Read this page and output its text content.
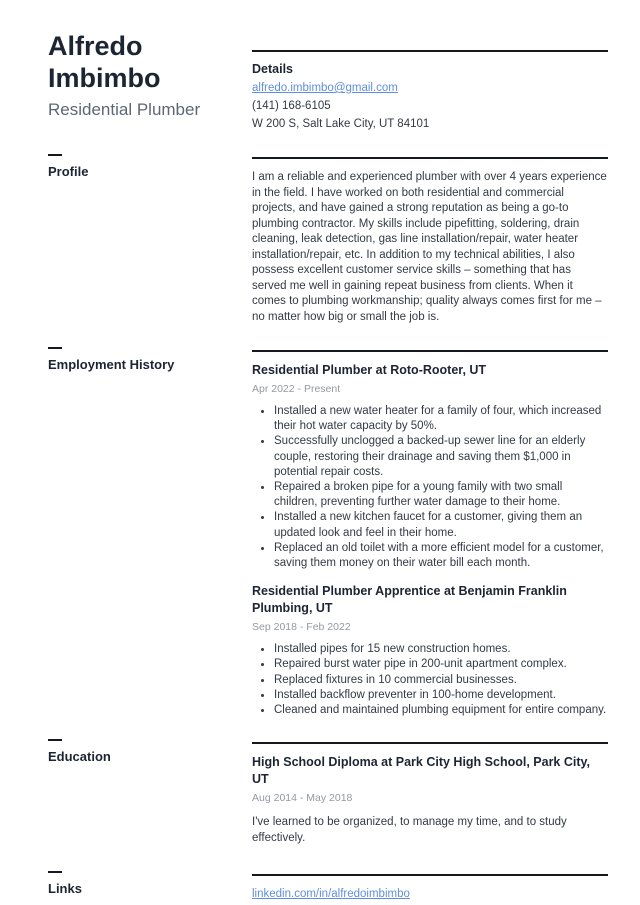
Alfredo Imbimbo
Residential Plumber
Details
alfredo.imbimbo@gmail.com
(141) 168-6105
W 200 S, Salt Lake City, UT 84101
Profile	I am a reliable and experienced plumber with over 4 years experience in the field. I have worked on both residential and commercial projects, and have gained a strong reputation as being a go-to plumbing contractor. My skills include pipefitting, soldering, drain cleaning, leak detection, gas line installation/repair, water heater installation/repair, etc. In addition to my technical abilities, I also possess excellent customer service skills – something that has served me well in gaining repeat business from clients. When it comes to plumbing workmanship; quality always comes first for me – no matter how big or small the job is.
Employment History	Residential Plumber at Roto-Rooter, UT
Apr 2022 - Present
• Installed a new water heater for a family of four, which increased their hot water capacity by 50%.
• Successfully unclogged a backed-up sewer line for an elderly couple, restoring their drainage and saving them $1,000 in potential repair costs.
• Repaired a broken pipe for a young family with two small children, preventing further water damage to their home.
• Installed a new kitchen faucet for a customer, giving them an updated look and feel in their home.
• Replaced an old toilet with a more efficient model for a customer, saving them money on their water bill each month.
Residential Plumber Apprentice at Benjamin Franklin Plumbing, UT
Sep 2018 - Feb 2022
• Installed pipes for 15 new construction homes.
• Repaired burst water pipe in 200-unit apartment complex.
• Replaced fixtures in 10 commercial businesses.
• Installed backflow preventer in 100-home development.
• Cleaned and maintained plumbing equipment for entire company.
Education	High School Diploma at Park City High School, Park City, UT
Aug 2014 - May 2018
I've learned to be organized, to manage my time, and to study effectively.
Links	linkedin.com/in/alfredoimbimbo
